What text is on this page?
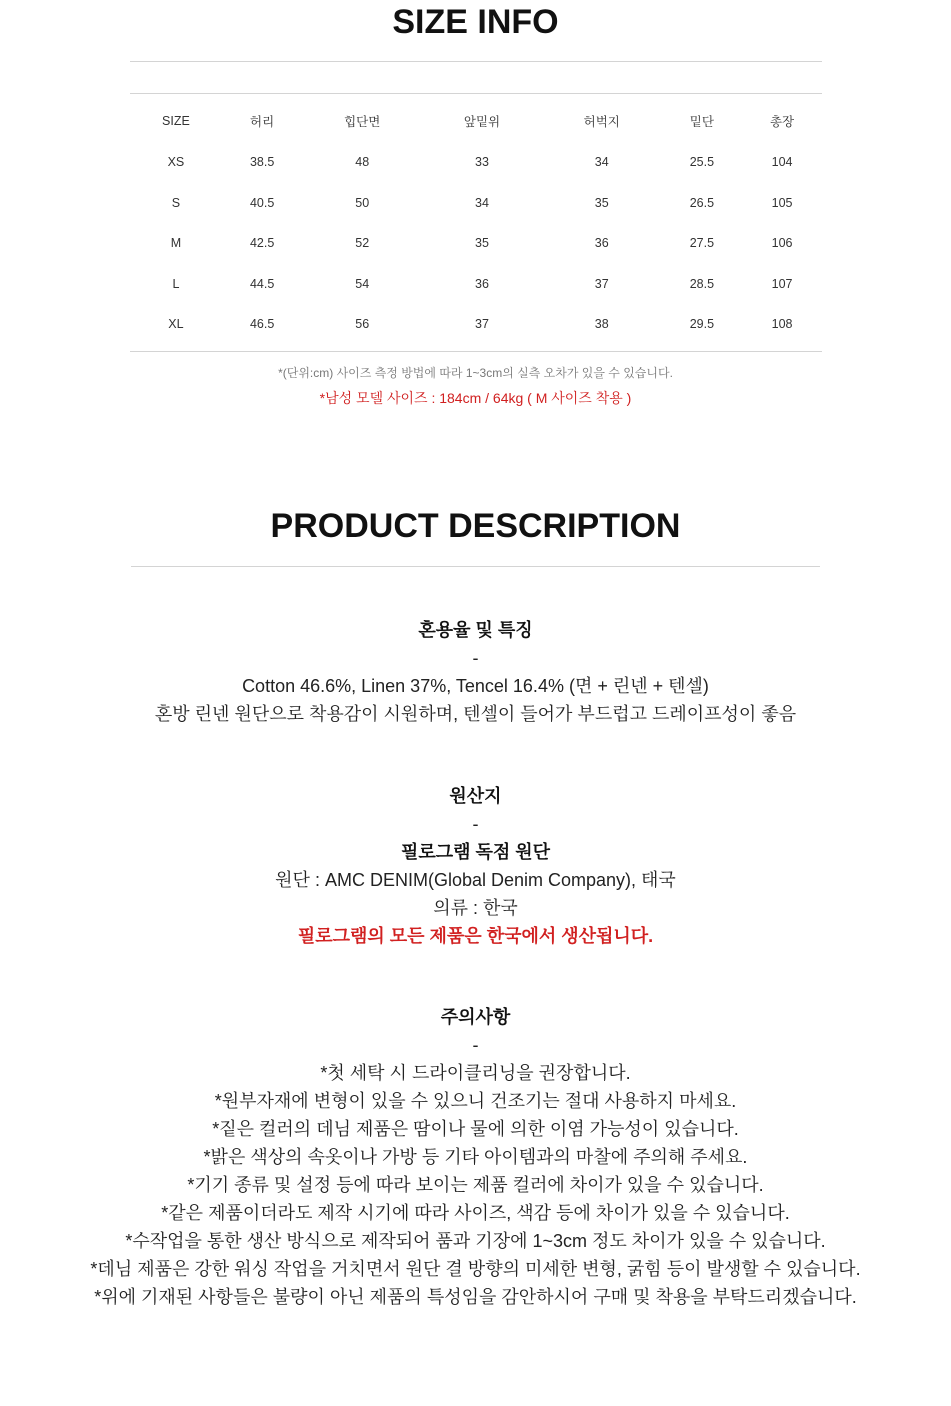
SIZE INFO
SIZE	허리	힙단면	앞밑위	허벅지	밑단	총장
XS	38.5	48	33	34	25.5	104
S	40.5	50	34	35	26.5	105
M	42.5	52	35	36	27.5	106
L	44.5	54	36	37	28.5	107
XL	46.5	56	37	38	29.5	108
*(단위:cm) 사이즈 측정 방법에 따라 1~3cm의 실측 오차가 있을 수 있습니다.
*남성 모델 사이즈 : 184cm / 64kg ( M 사이즈 착용 )
PRODUCT DESCRIPTION
혼용율 및 특징
-
Cotton 46.6%, Linen 37%, Tencel 16.4% (면 + 린넨 + 텐셀)
혼방 린넨 원단으로 착용감이 시원하며, 텐셀이 들어가 부드럽고 드레이프성이 좋음
원산지
-
필로그램 독점 원단
원단 : AMC DENIM(Global Denim Company), 태국
의류 : 한국
필로그램의 모든 제품은 한국에서 생산됩니다.
주의사항
-
*첫 세탁 시 드라이클리닝을 권장합니다.
*원부자재에 변형이 있을 수 있으니 건조기는 절대 사용하지 마세요.
*짙은 컬러의 데님 제품은 땀이나 물에 의한 이염 가능성이 있습니다.
*밝은 색상의 속옷이나 가방 등 기타 아이템과의 마찰에 주의해 주세요.
*기기 종류 및 설정 등에 따라 보이는 제품 컬러에 차이가 있을 수 있습니다.
*같은 제품이더라도 제작 시기에 따라 사이즈, 색감 등에 차이가 있을 수 있습니다.
*수작업을 통한 생산 방식으로 제작되어 품과 기장에 1~3cm 정도 차이가 있을 수 있습니다.
*데님 제품은 강한 워싱 작업을 거치면서 원단 결 방향의 미세한 변형, 굵힘 등이 발생할 수 있습니다.
*위에 기재된 사항들은 불량이 아닌 제품의 특성임을 감안하시어 구매 및 착용을 부탁드리겠습니다.
